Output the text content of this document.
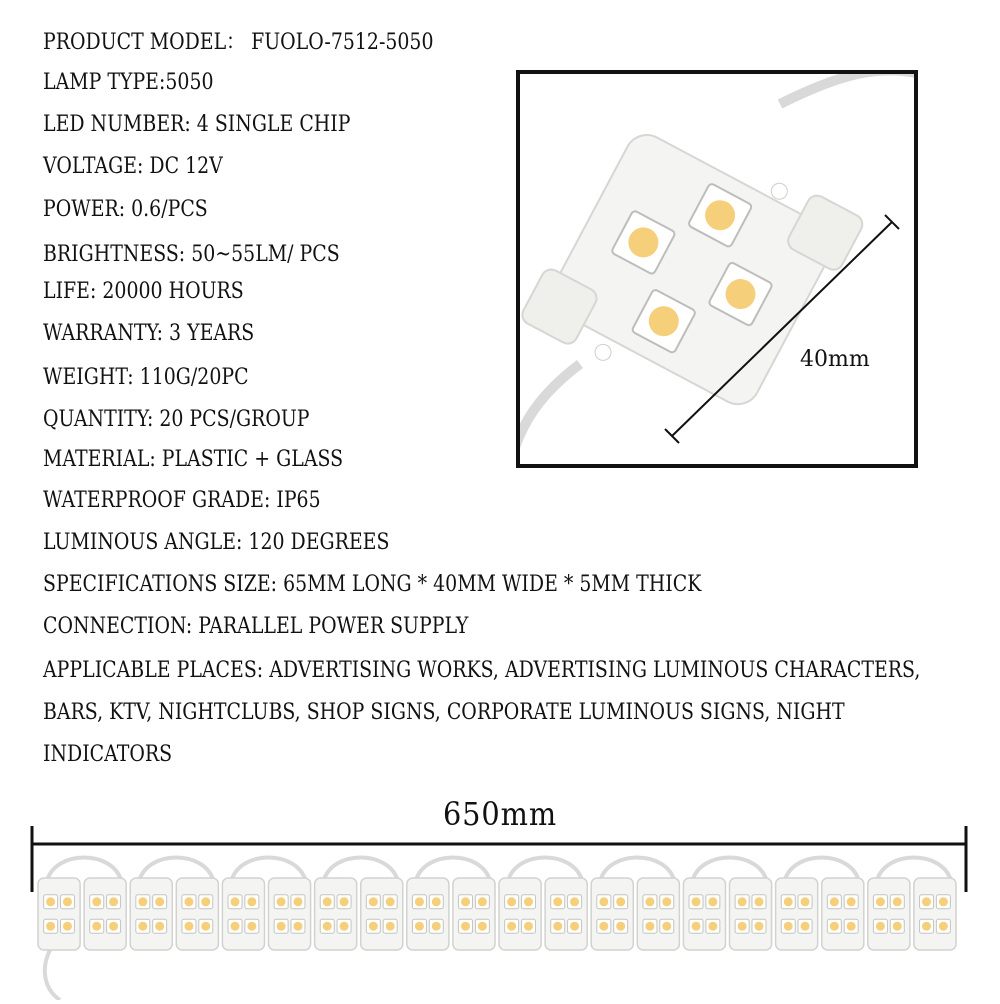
PRODUCT MODEL： FUOLO-7512-5050

LAMP TYPE:5050

LED NUMBER: 4 SINGLE CHIP

VOLTAGE: DC 12V

POWER: 0.6/PCS

BRIGHTNESS: 50~55LM/ PCS

LIFE: 20000 HOURS

WARRANTY: 3 YEARS

WEIGHT: 110G/20PC

QUANTITY: 20 PCS/GROUP

MATERIAL: PLASTIC + GLASS

WATERPROOF GRADE: IP65

LUMINOUS ANGLE: 120 DEGREES

SPECIFICATIONS SIZE: 65MM LONG * 40MM WIDE * 5MM THICK

CONNECTION: PARALLEL POWER SUPPLY

APPLICABLE PLACES: ADVERTISING WORKS, ADVERTISING LUMINOUS CHARACTERS,

BARS, KTV, NIGHTCLUBS, SHOP SIGNS, CORPORATE LUMINOUS SIGNS, NIGHT

INDICATORS

40mm
650mm
